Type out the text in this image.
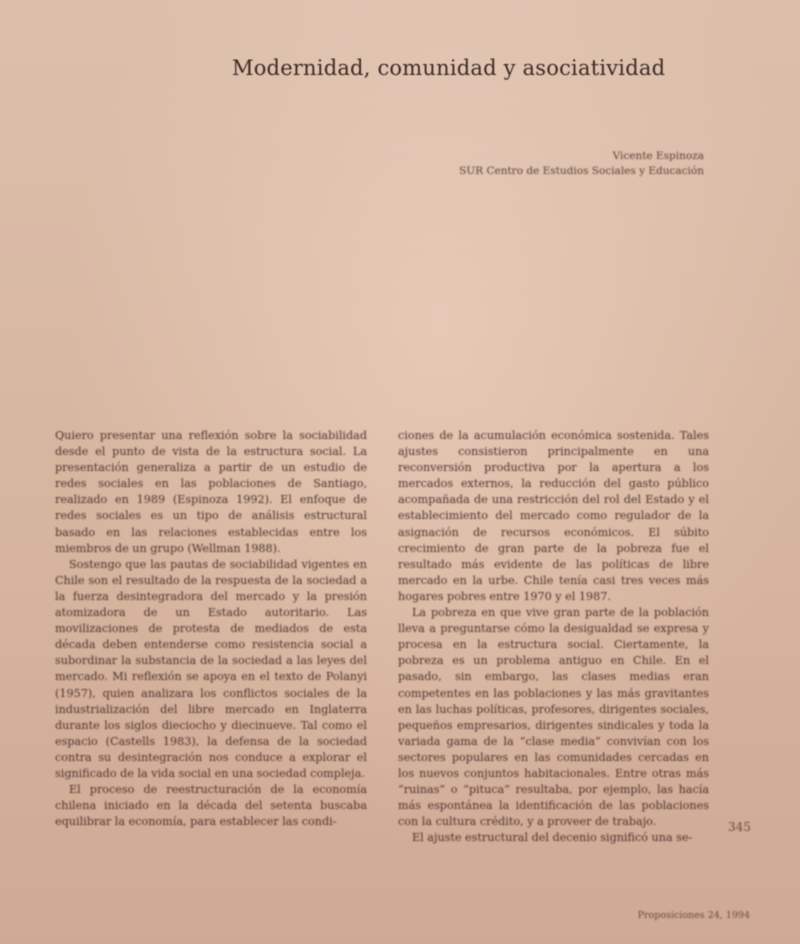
Modernidad, comunidad y asociatividad
Vicente Espinoza
SUR Centro de Estudios Sociales y Educación

Quiero presentar una reflexión sobre la sociabilidad desde el punto de vista de la estructura social. La presentación generaliza a partir de un estudio de redes sociales en las poblaciones de Santiago, realizado en 1989 (Espinoza 1992). El enfoque de redes sociales es un tipo de análisis estructural basado en las relaciones establecidas entre los miembros de un grupo (Wellman 1988).

Sostengo que las pautas de sociabilidad vigentes en Chile son el resultado de la respuesta de la sociedad a la fuerza desintegradora del mercado y la presión atomizadora de un Estado autoritario. Las movilizaciones de protesta de mediados de esta década deben entenderse como resistencia social a subordinar la substancia de la sociedad a las leyes del mercado. Mi reflexión se apoya en el texto de Polanyi (1957), quien analizara los conflictos sociales de la industrialización del libre mercado en Inglaterra durante los siglos dieciocho y diecinueve. Tal como el espacio (Castells 1983), la defensa de la sociedad contra su desintegración nos conduce a explorar el significado de la vida social en una sociedad compleja.

El proceso de reestructuración de la economía chilena iniciado en la década del setenta buscaba equilibrar la economía, para establecer las condi-

ciones de la acumulación económica sostenida. Tales ajustes consistieron principalmente en una reconversión productiva por la apertura a los mercados externos, la reducción del gasto público acompañada de una restricción del rol del Estado y el establecimiento del mercado como regulador de la asignación de recursos económicos. El súbito crecimiento de gran parte de la pobreza fue el resultado más evidente de las políticas de libre mercado en la urbe. Chile tenía casi tres veces más hogares pobres entre 1970 y el 1987.

La pobreza en que vive gran parte de la población lleva a preguntarse cómo la desigualdad se expresa y procesa en la estructura social. Ciertamente, la pobreza es un problema antiguo en Chile. En el pasado, sin embargo, las clases medias eran competentes en las poblaciones y las más gravitantes en las luchas políticas, profesores, dirigentes sociales, pequeños empresarios, dirigentes sindicales y toda la variada gama de la “clase media” convivían con los sectores populares en las comunidades cercadas en los nuevos conjuntos habitacionales. Entre otras más “ruinas” o “pituca” resultaba, por ejemplo, las hacía más espontánea la identificación de las poblaciones con la cultura crédito, y a proveer de trabajo.

El ajuste estructural del decenio significó una se-

345
Proposiciones 24, 1994
